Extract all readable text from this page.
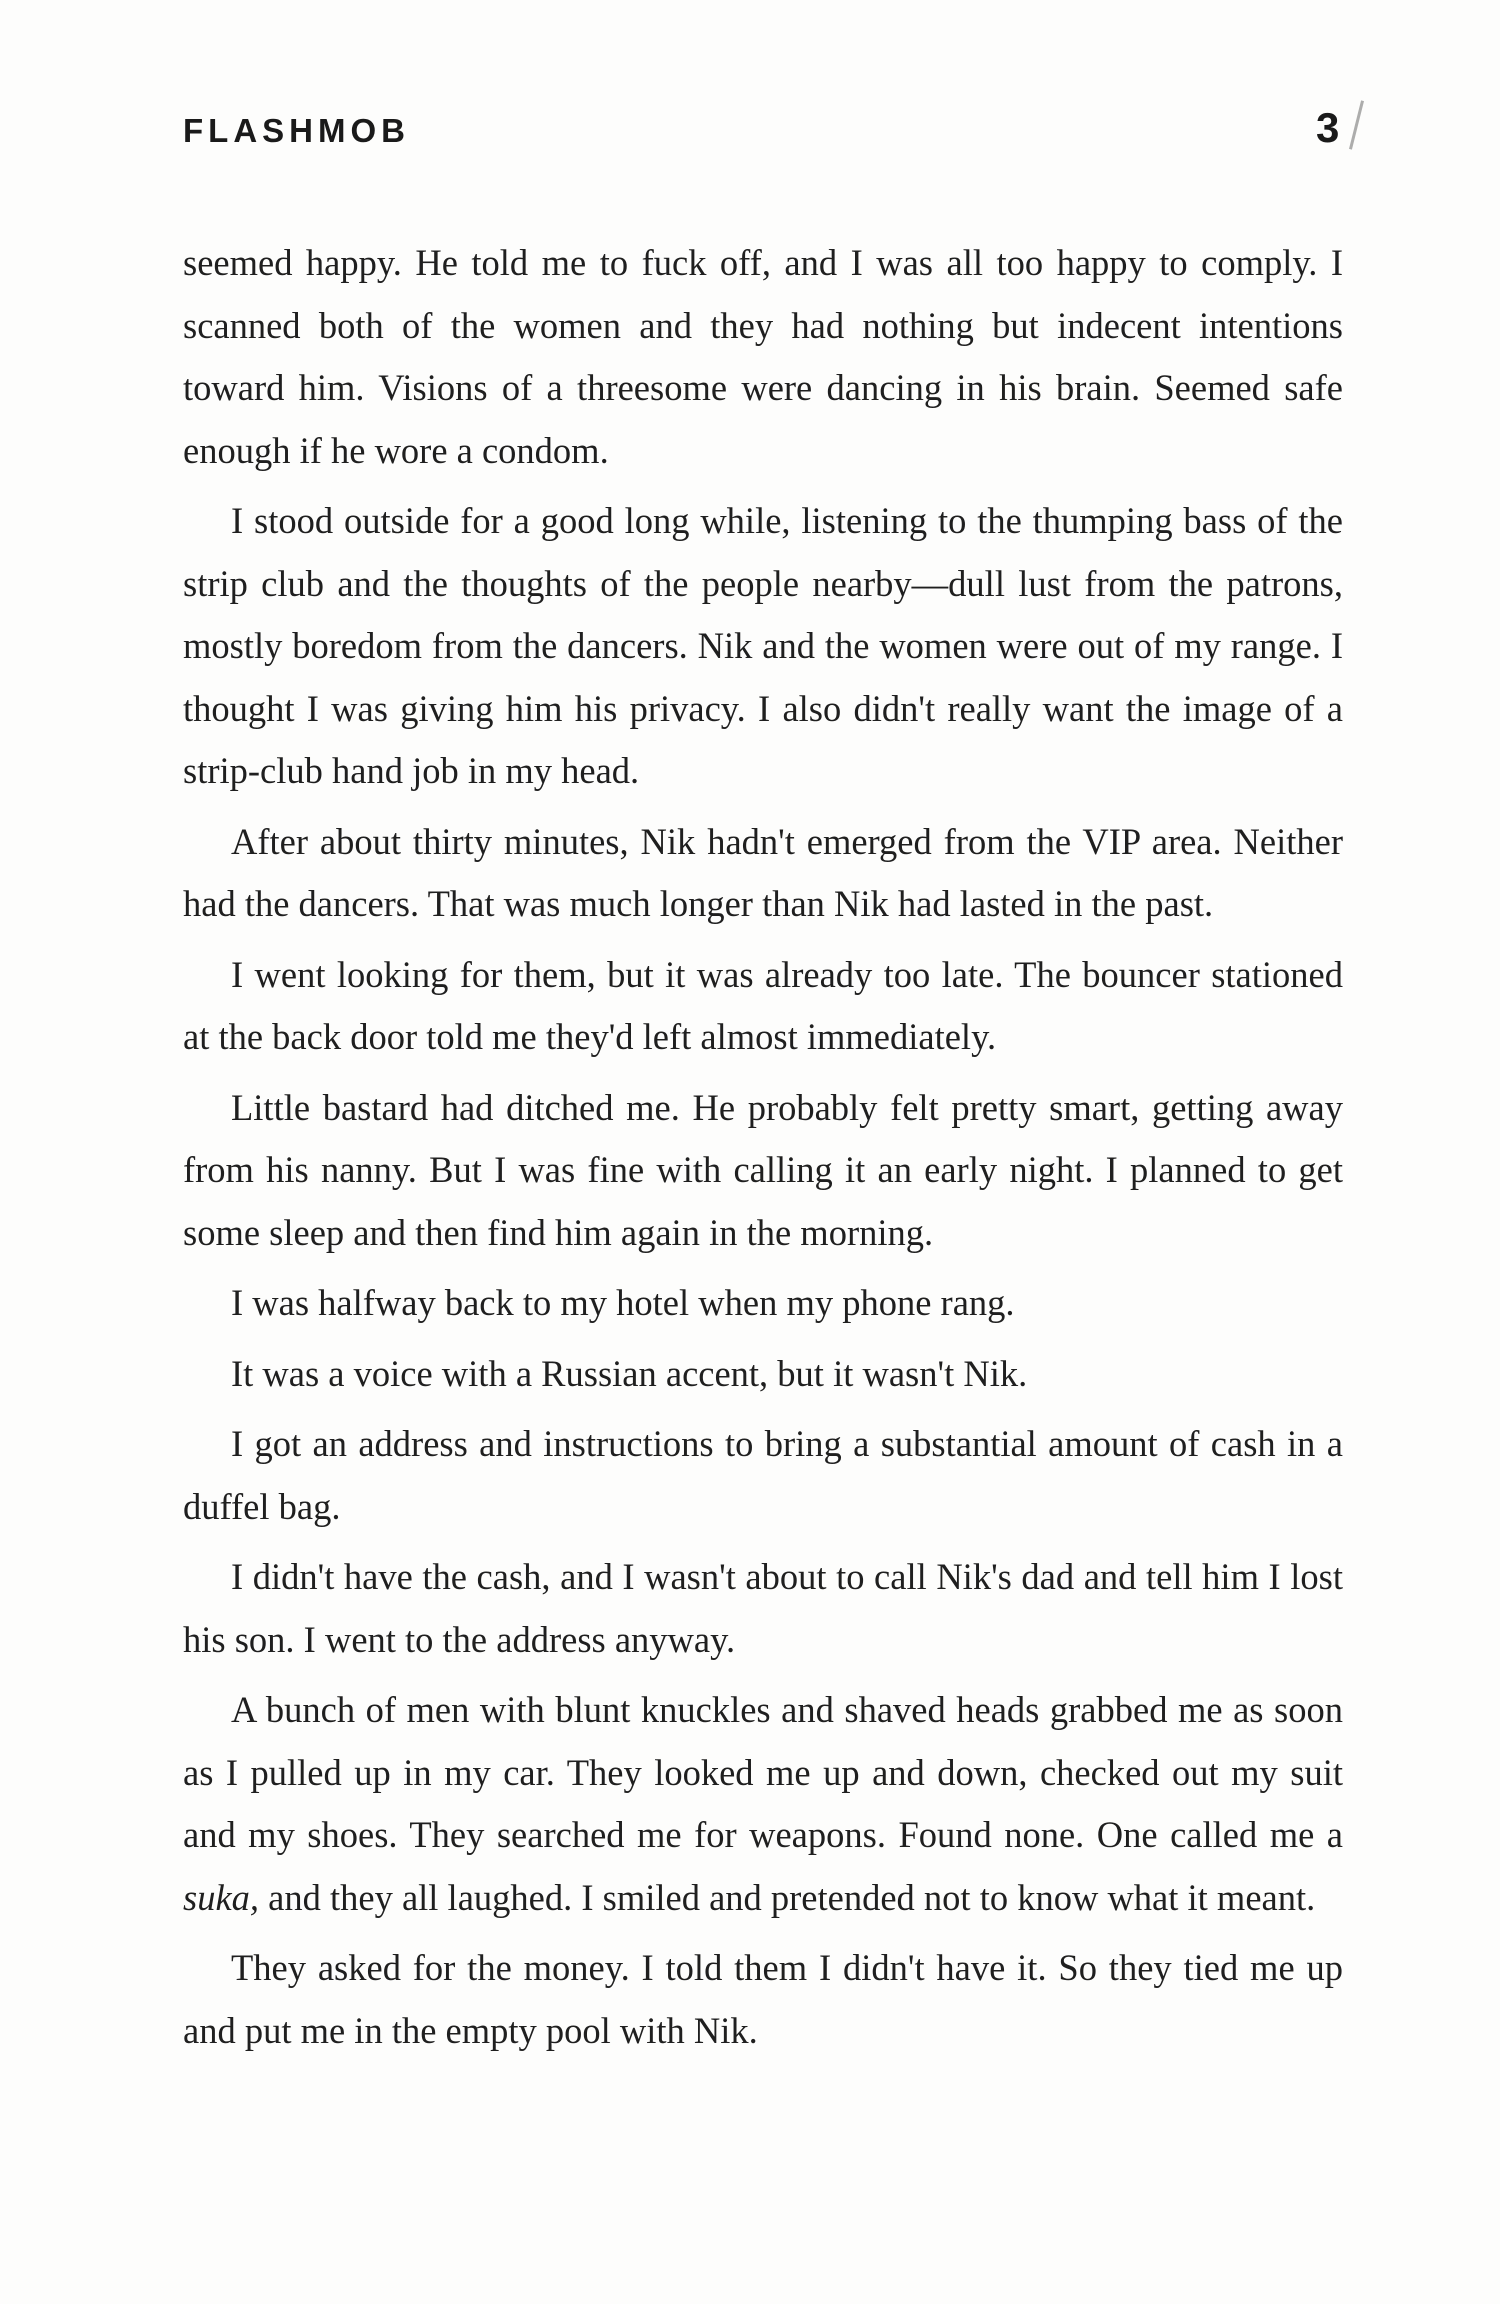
FLASHMOB	3

seemed happy. He told me to fuck off, and I was all too happy to comply. I scanned both of the women and they had nothing but indecent intentions toward him. Visions of a threesome were dancing in his brain. Seemed safe enough if he wore a condom.

I stood outside for a good long while, listening to the thumping bass of the strip club and the thoughts of the people nearby—dull lust from the patrons, mostly boredom from the dancers. Nik and the women were out of my range. I thought I was giving him his privacy. I also didn't really want the image of a strip-club hand job in my head.

After about thirty minutes, Nik hadn't emerged from the VIP area. Neither had the dancers. That was much longer than Nik had lasted in the past.

I went looking for them, but it was already too late. The bouncer stationed at the back door told me they'd left almost immediately.

Little bastard had ditched me. He probably felt pretty smart, getting away from his nanny. But I was fine with calling it an early night. I planned to get some sleep and then find him again in the morning.

I was halfway back to my hotel when my phone rang.

It was a voice with a Russian accent, but it wasn't Nik.

I got an address and instructions to bring a substantial amount of cash in a duffel bag.

I didn't have the cash, and I wasn't about to call Nik's dad and tell him I lost his son. I went to the address anyway.

A bunch of men with blunt knuckles and shaved heads grabbed me as soon as I pulled up in my car. They looked me up and down, checked out my suit and my shoes. They searched me for weapons. Found none. One called me a suka, and they all laughed. I smiled and pretended not to know what it meant.

They asked for the money. I told them I didn't have it. So they tied me up and put me in the empty pool with Nik.
